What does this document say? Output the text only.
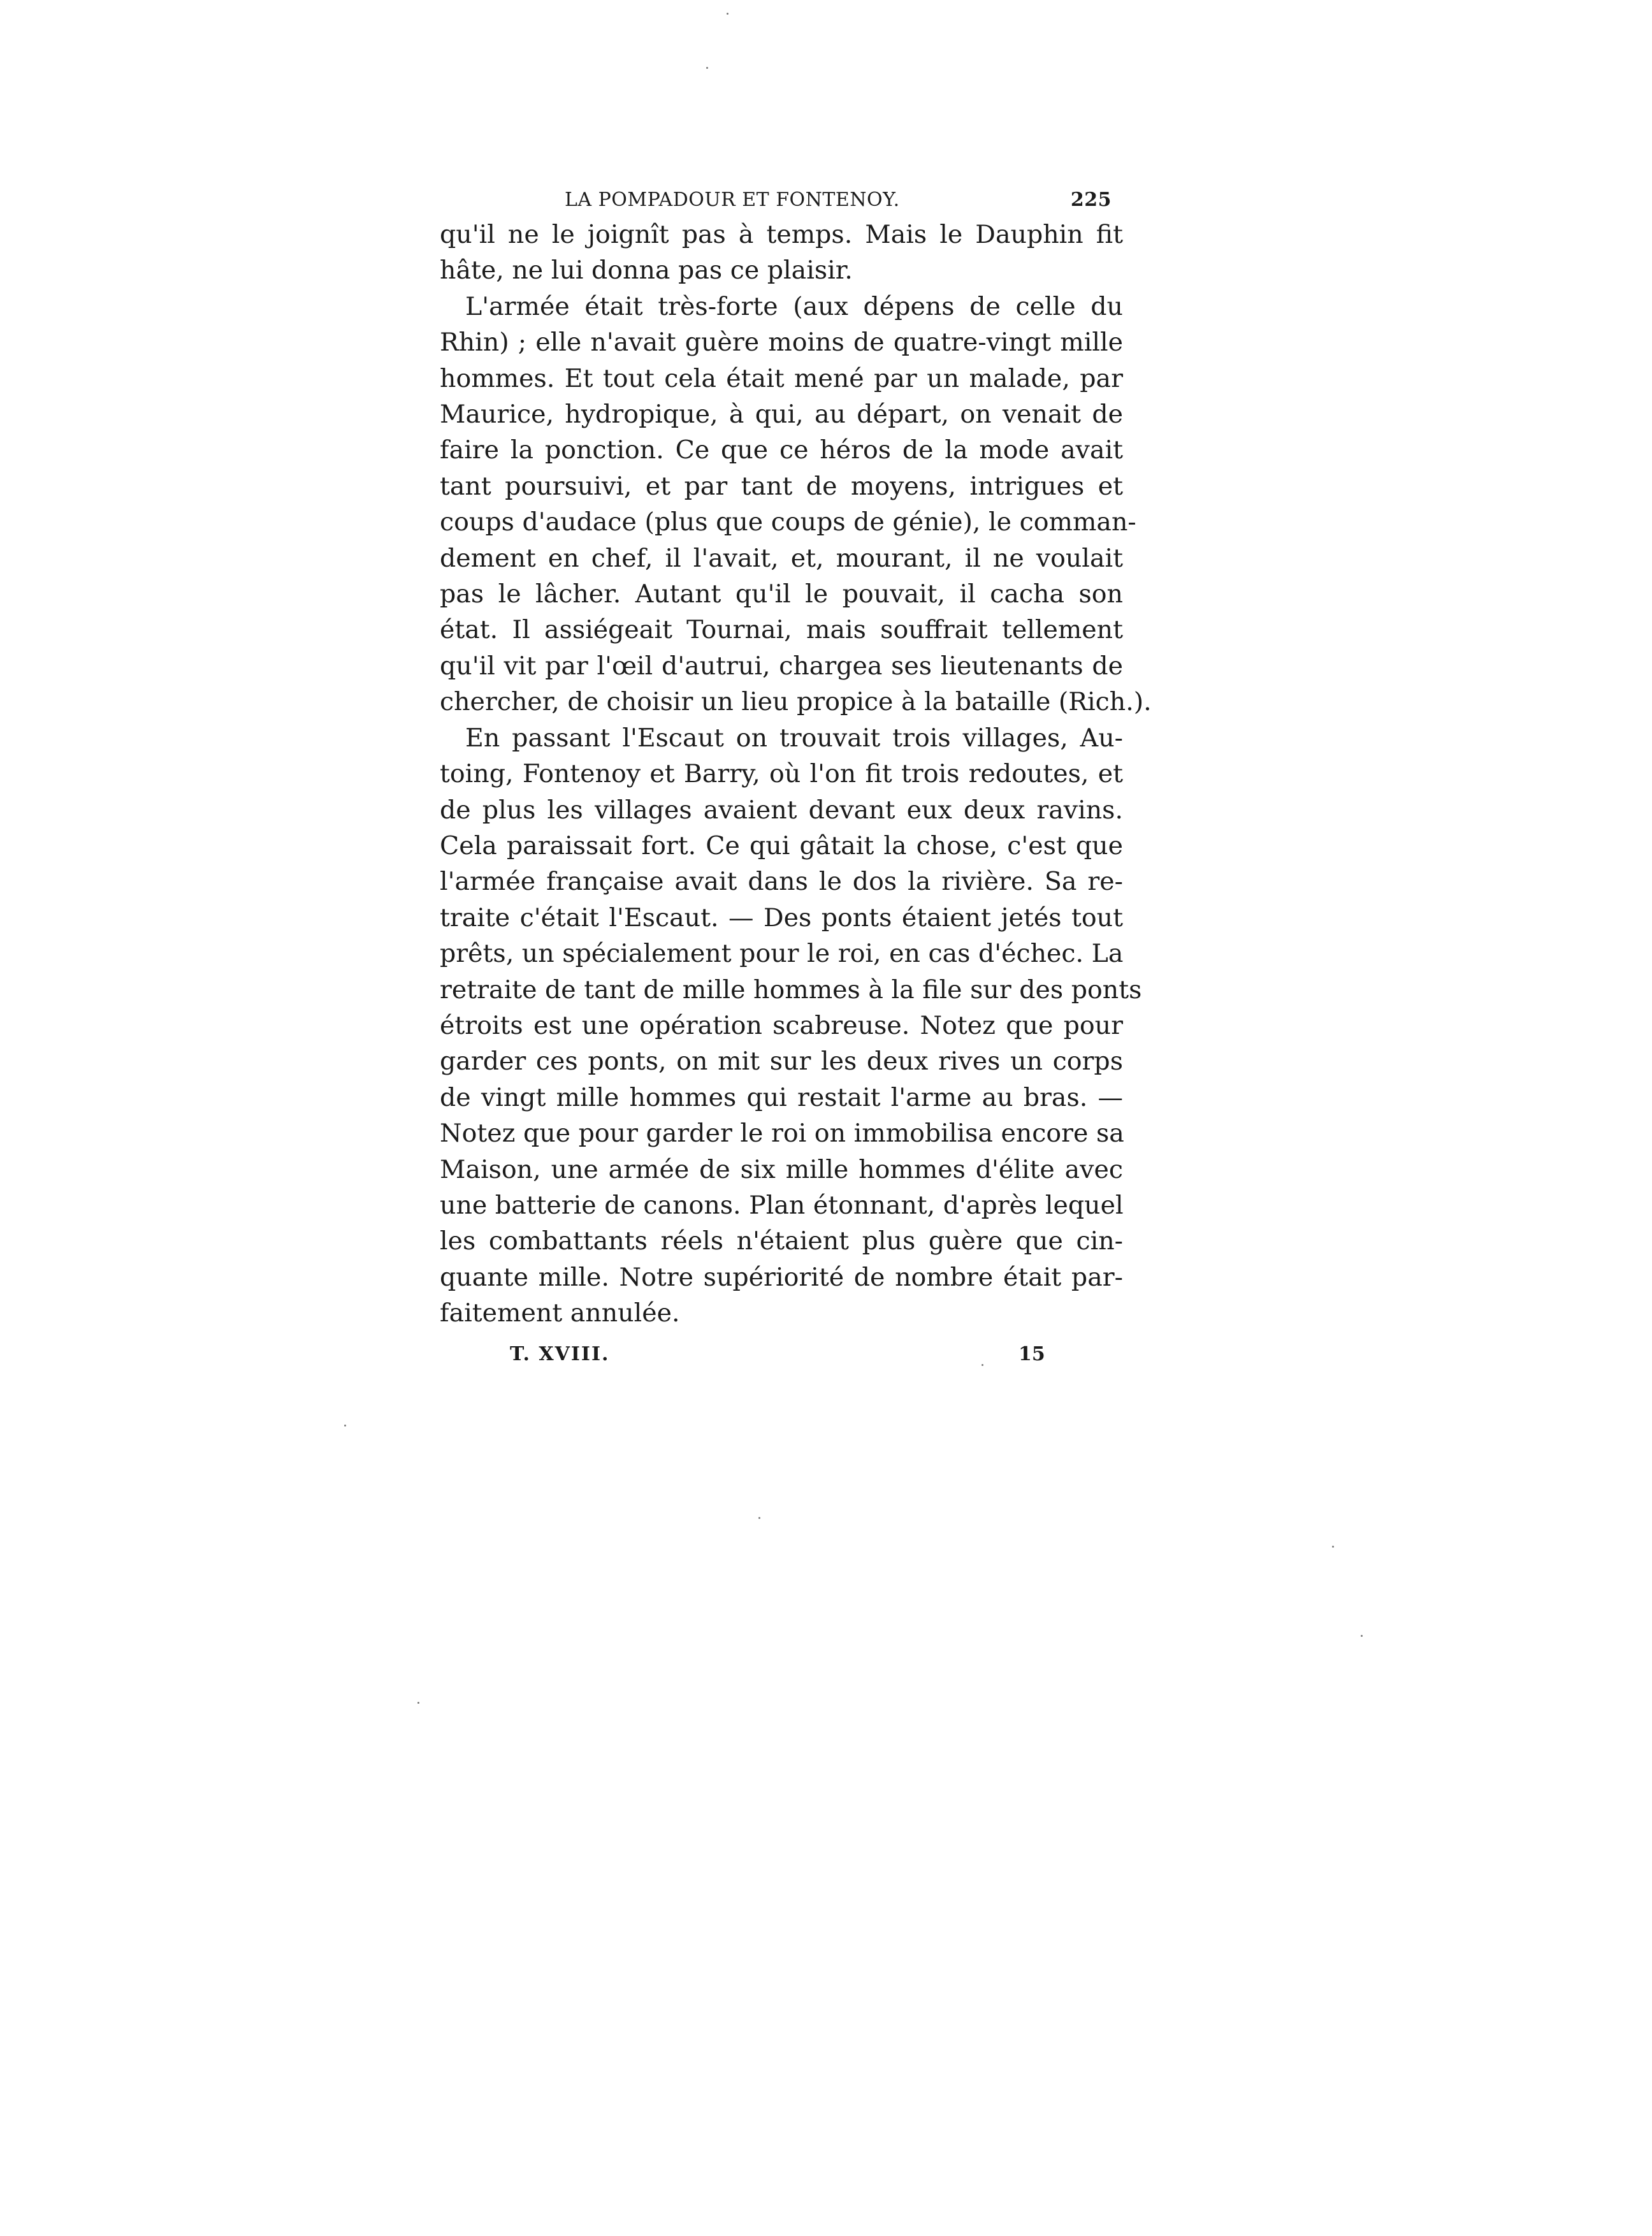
LA POMPADOUR ET FONTENOY.	225

qu'il ne le joignît pas à temps. Mais le Dauphin fit
hâte, ne lui donna pas ce plaisir.

L'armée était très-forte (aux dépens de celle du
Rhin) ; elle n'avait guère moins de quatre-vingt mille
hommes. Et tout cela était mené par un malade, par
Maurice, hydropique, à qui, au départ, on venait de
faire la ponction. Ce que ce héros de la mode avait
tant poursuivi, et par tant de moyens, intrigues et
coups d'audace (plus que coups de génie), le comman-
dement en chef, il l'avait, et, mourant, il ne voulait
pas le lâcher. Autant qu'il le pouvait, il cacha son
état. Il assiégeait Tournai, mais souffrait tellement
qu'il vit par l'œil d'autrui, chargea ses lieutenants de
chercher, de choisir un lieu propice à la bataille (Rich.).

En passant l'Escaut on trouvait trois villages, Au-
toing, Fontenoy et Barry, où l'on fit trois redoutes, et
de plus les villages avaient devant eux deux ravins.
Cela paraissait fort. Ce qui gâtait la chose, c'est que
l'armée française avait dans le dos la rivière. Sa re-
traite c'était l'Escaut. — Des ponts étaient jetés tout
prêts, un spécialement pour le roi, en cas d'échec. La
retraite de tant de mille hommes à la file sur des ponts
étroits est une opération scabreuse. Notez que pour
garder ces ponts, on mit sur les deux rives un corps
de vingt mille hommes qui restait l'arme au bras. —
Notez que pour garder le roi on immobilisa encore sa
Maison, une armée de six mille hommes d'élite avec
une batterie de canons. Plan étonnant, d'après lequel
les combattants réels n'étaient plus guère que cin-
quante mille. Notre supériorité de nombre était par-
faitement annulée.

T. XVIII.	15
